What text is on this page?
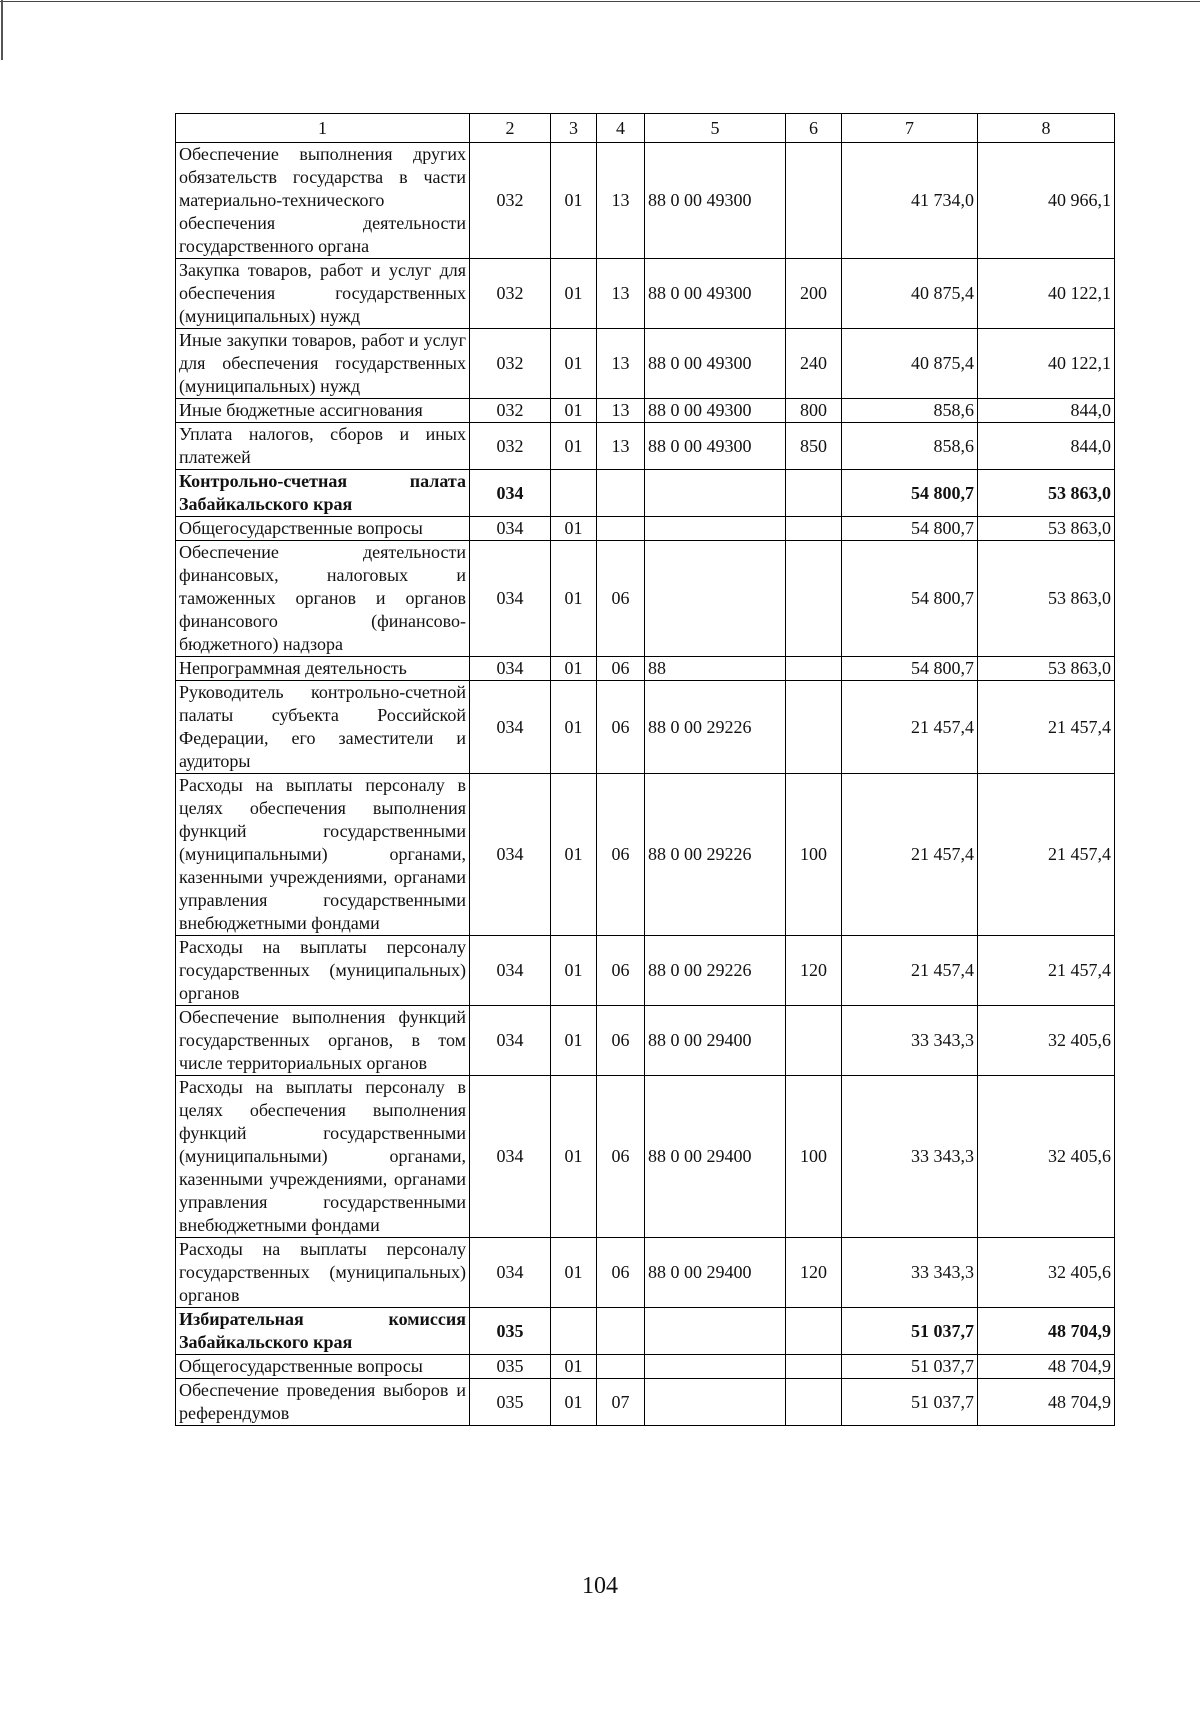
1	2	3	4	5	6	7	8
Обеспечение выполнения других обязательств государства в части материально-технического обеспечения деятельности государственного органа	032	01	13	88 0 00 49300		41 734,0	40 966,1
Закупка товаров, работ и услуг для обеспечения государственных (муниципальных) нужд	032	01	13	88 0 00 49300	200	40 875,4	40 122,1
Иные закупки товаров, работ и услуг для обеспечения государственных (муниципальных) нужд	032	01	13	88 0 00 49300	240	40 875,4	40 122,1
Иные бюджетные ассигнования	032	01	13	88 0 00 49300	800	858,6	844,0
Уплата налогов, сборов и иных платежей	032	01	13	88 0 00 49300	850	858,6	844,0
Контрольно-счетная палата Забайкальского края	034					54 800,7	53 863,0
Общегосударственные вопросы	034	01				54 800,7	53 863,0
Обеспечение деятельности финансовых, налоговых и таможенных органов и органов финансового (финансово-бюджетного) надзора	034	01	06			54 800,7	53 863,0
Непрограммная деятельность	034	01	06	88		54 800,7	53 863,0
Руководитель контрольно-счетной палаты субъекта Российской Федерации, его заместители и аудиторы	034	01	06	88 0 00 29226		21 457,4	21 457,4
Расходы на выплаты персоналу в целях обеспечения выполнения функций государственными (муниципальными) органами, казенными учреждениями, органами управления государственными внебюджетными фондами	034	01	06	88 0 00 29226	100	21 457,4	21 457,4
Расходы на выплаты персоналу государственных (муниципальных) органов	034	01	06	88 0 00 29226	120	21 457,4	21 457,4
Обеспечение выполнения функций государственных органов, в том числе территориальных органов	034	01	06	88 0 00 29400		33 343,3	32 405,6
Расходы на выплаты персоналу в целях обеспечения выполнения функций государственными (муниципальными) органами, казенными учреждениями, органами управления государственными внебюджетными фондами	034	01	06	88 0 00 29400	100	33 343,3	32 405,6
Расходы на выплаты персоналу государственных (муниципальных) органов	034	01	06	88 0 00 29400	120	33 343,3	32 405,6
Избирательная комиссия Забайкальского края	035					51 037,7	48 704,9
Общегосударственные вопросы	035	01				51 037,7	48 704,9
Обеспечение проведения выборов и референдумов	035	01	07			51 037,7	48 704,9
104
